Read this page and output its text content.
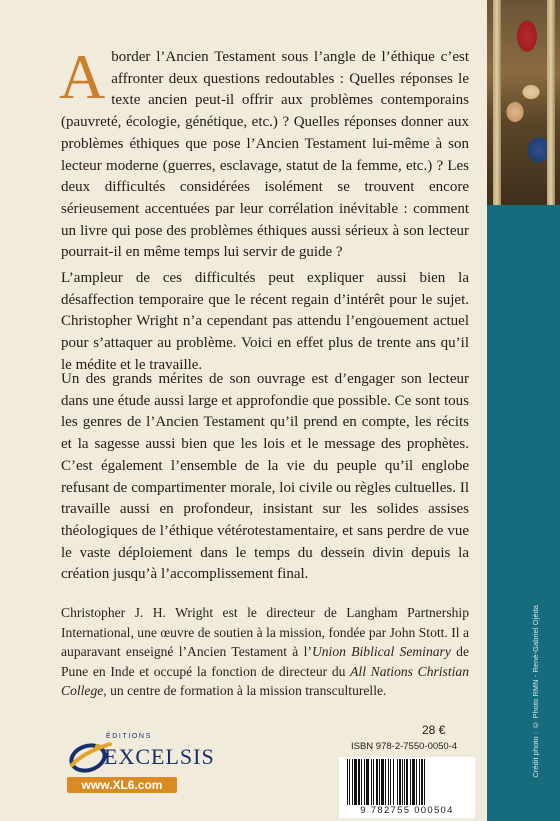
Crédit photo : © Photo RMN - René-Gabriel Ojéda

Aborder l’Ancien Testament sous l’angle de l’éthique c’est affronter deux questions redoutables : Quelles réponses le texte ancien peut-il offrir aux problèmes contemporains (pauvreté, écologie, génétique, etc.) ? Quelles réponses donner aux problèmes éthiques que pose l’Ancien Testament lui-même à son lecteur moderne (guerres, esclavage, statut de la femme, etc.) ? Les deux difficultés considérées isolément se trouvent encore sérieusement accentuées par leur corrélation inévitable : comment un livre qui pose des problèmes éthiques aussi sérieux à son lecteur pourrait-il en même temps lui servir de guide ?

L’ampleur de ces difficultés peut expliquer aussi bien la désaffection temporaire que le récent regain d’intérêt pour le sujet. Christopher Wright n’a cependant pas attendu l’engouement actuel pour s’attaquer au problème. Voici en effet plus de trente ans qu’il le médite et le travaille.

Un des grands mérites de son ouvrage est d’engager son lecteur dans une étude aussi large et approfondie que possible. Ce sont tous les genres de l’Ancien Testament qu’il prend en compte, les récits et la sagesse aussi bien que les lois et le message des prophètes. C’est également l’ensemble de la vie du peuple qu’il englobe refusant de compartimenter morale, loi civile ou règles cultuelles. Il travaille aussi en profondeur, insistant sur les solides assises théologiques de l’éthique vétérotestamentaire, et sans perdre de vue le vaste déploiement dans le temps du dessein divin depuis la création jusqu’à l’accomplissement final.

Christopher J. H. Wright est le directeur de Langham Partnership International, une œuvre de soutien à la mission, fondée par John Stott. Il a auparavant enseigné l’Ancien Testament à l’Union Biblical Seminary de Pune en Inde et occupé la fonction de directeur du All Nations Christian College, un centre de formation à la mission transculturelle.

28 €
ISBN 978-2-7550-0050-4
9 782755 000504
ÉDITIONS
EXCELSIS
www.XL6.com
